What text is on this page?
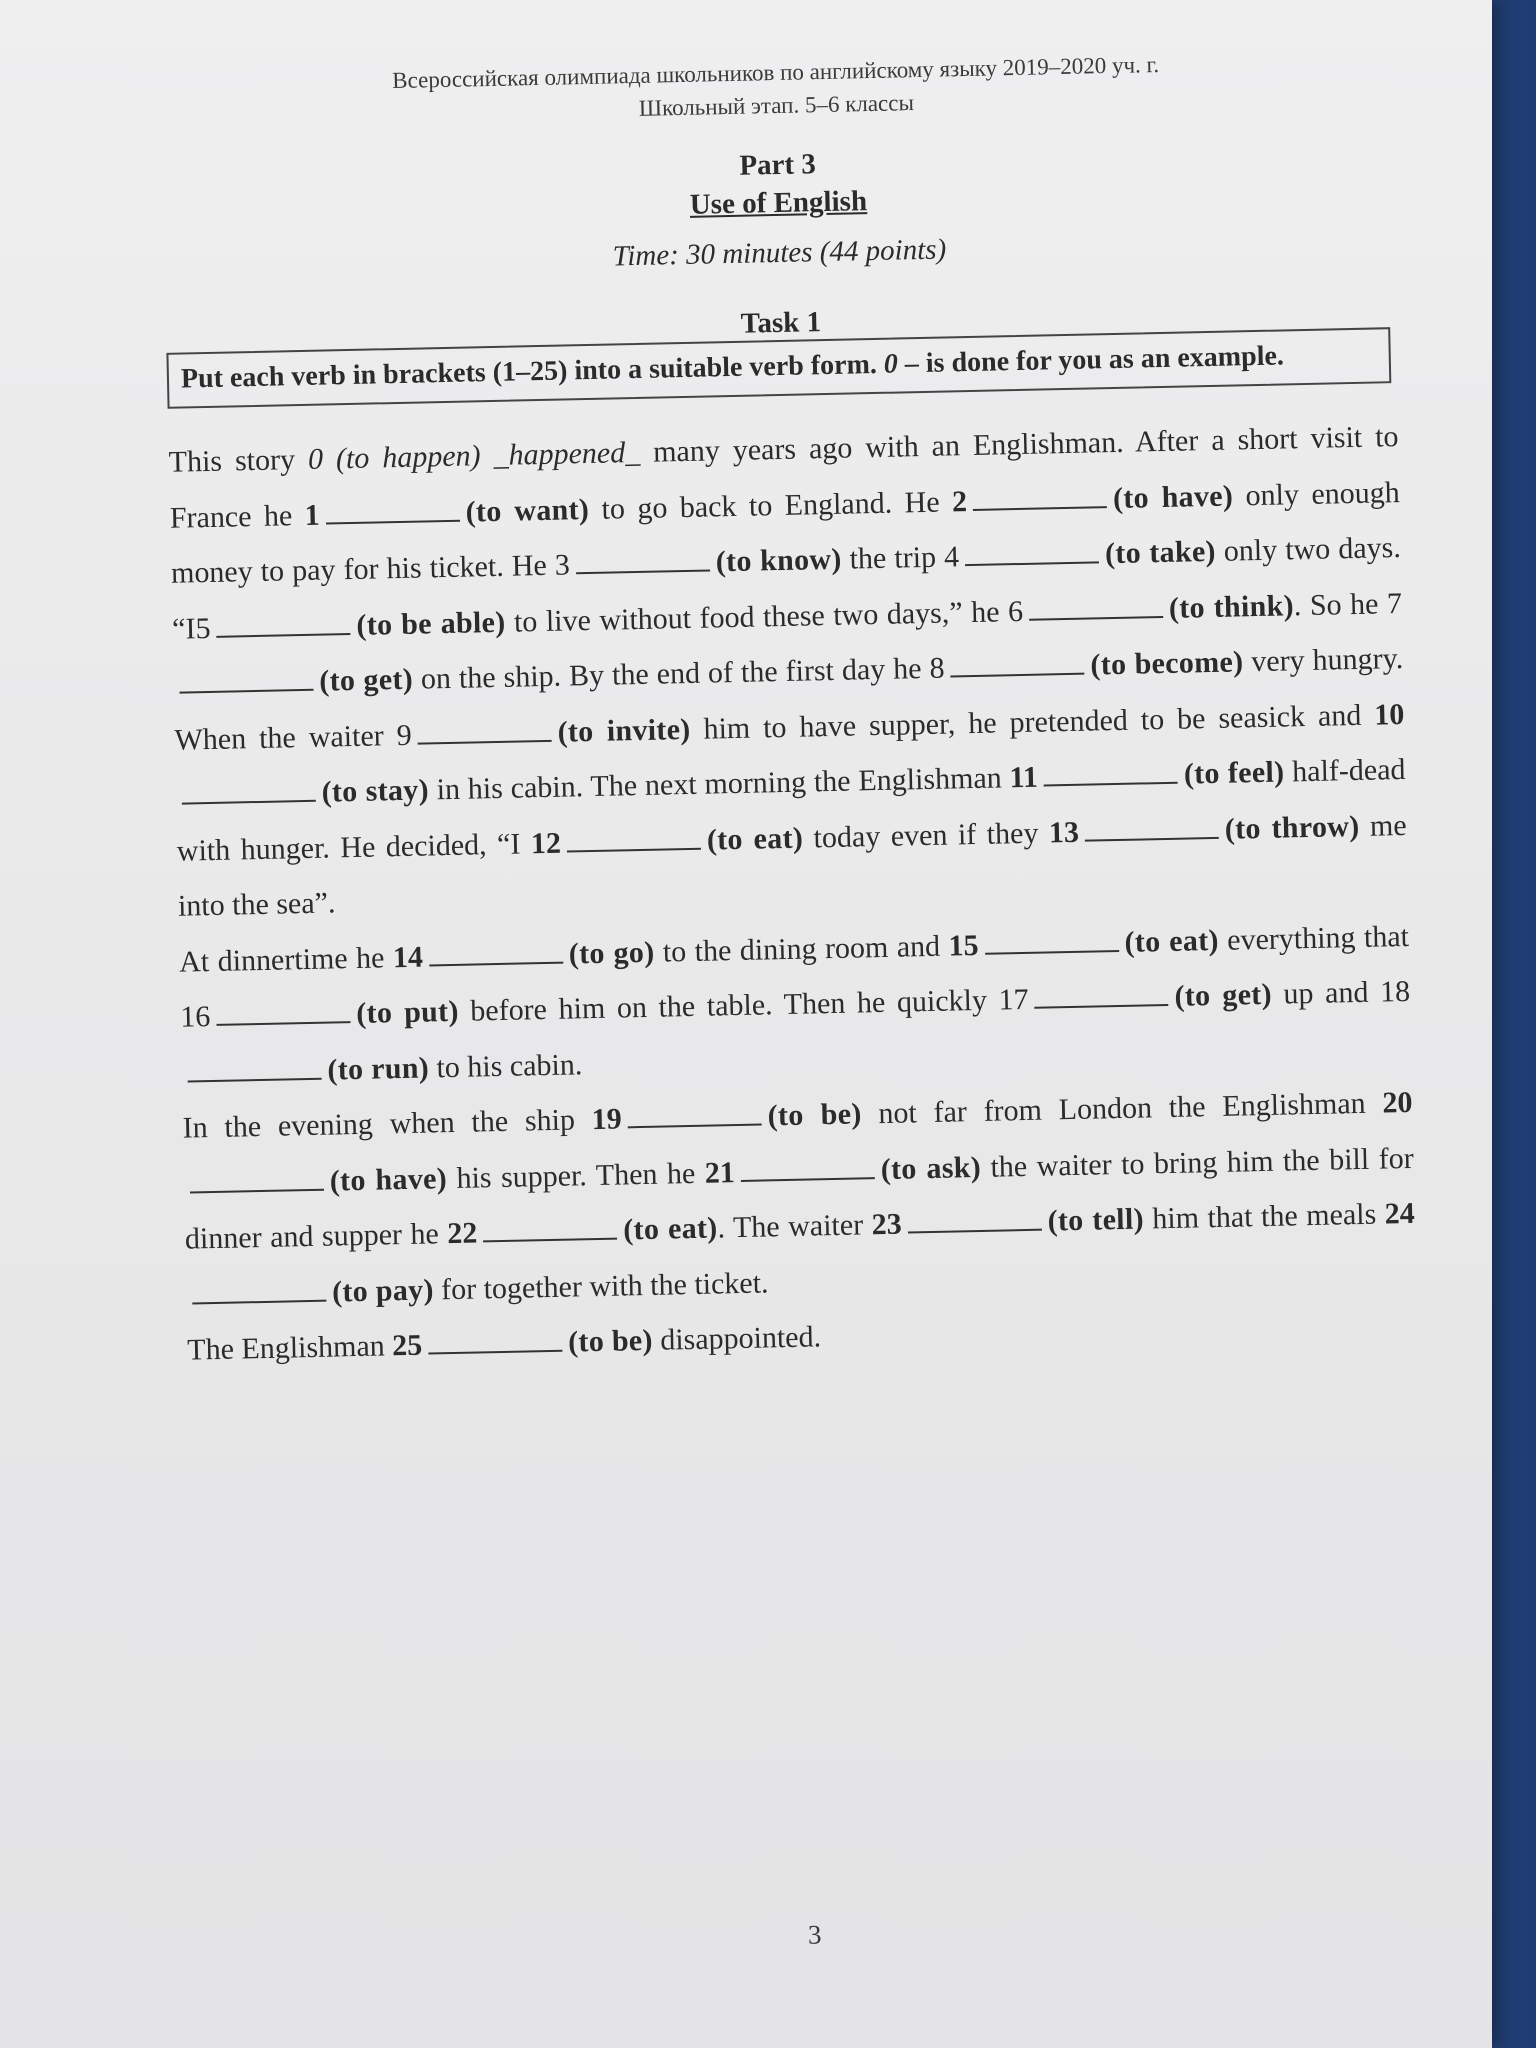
Всероссийская олимпиада школьников по английскому языку 2019–2020 уч. г.
Школьный этап. 5–6 классы
Part 3
Use of English
Time: 30 minutes (44 points)
Task 1
Put each verb in brackets (1–25) into a suitable verb form. 0 – is done for you as an example.

This story 0 (to happen) _happened_ many years ago with an Englishman. After a short visit to France he 1	(to want) to go back to England. He 2	(to have) only enough money to pay for his ticket. He 3	(to know) the trip 4	(to take) only two days. “I5	(to be able) to live without food these two days,” he 6	(to think). So he 7(to get) on the ship. By the end of the first day he 8	(to become) very hungry. When the waiter 9	(to invite) him to have supper, he pretended to be seasick and 10(to stay) in his cabin. The next morning the Englishman 11	(to feel) half-dead with hunger. He decided, “I 12	(to eat) today even if they 13	(to throw) me into the sea”.

At dinnertime he 14	(to go) to the dining room and 15	(to eat) everything that 16	(to put) before him on the table. Then he quickly 17	(to get) up and 18(to run) to his cabin.

In the evening when the ship 19	(to be) not far from London the Englishman 20(to have) his supper. Then he 21	(to ask) the waiter to bring him the bill for dinner and supper he 22	(to eat). The waiter 23	(to tell) him that the meals 24(to pay) for together with the ticket.

The Englishman 25	(to be) disappointed.

3
